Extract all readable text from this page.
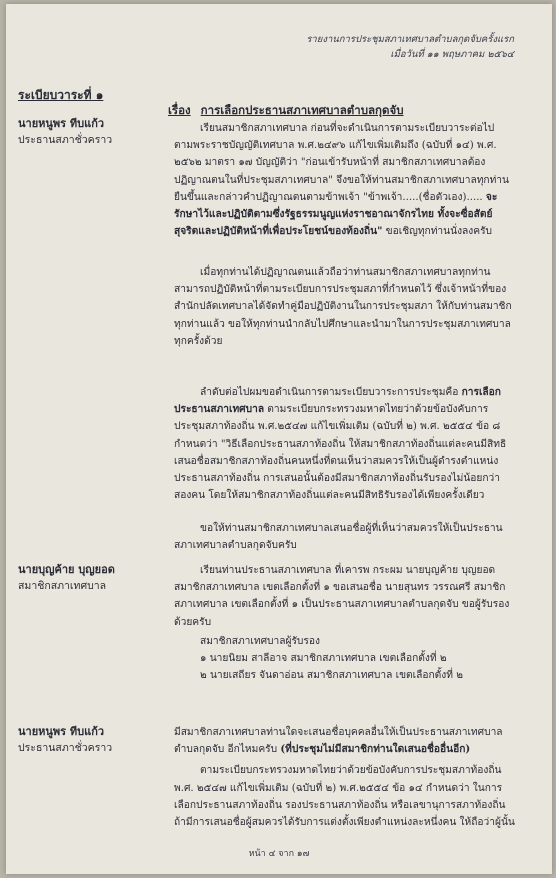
รายงานการประชุมสภาเทศบาลตำบลกุดจับครั้งแรก
เมื่อวันที่ ๑๑ พฤษภาคม ๒๕๖๔
ระเบียบวาระที่ ๑
เรื่อง การเลือกประธานสภาเทศบาลตำบลกุดจับ
นายหนูพร ทีบแก้ว
ประธานสภาชั่วคราว
นายบุญค้าย บุญยอด
สมาชิกสภาเทศบาล
นายหนูพร ทีบแก้ว
ประธานสภาชั่วคราว

เรียนสมาชิกสภาเทศบาล ก่อนที่จะดำเนินการตามระเบียบวาระต่อไป ตามพระราชบัญญัติเทศบาล พ.ศ.๒๔๙๖ แก้ไขเพิ่มเติมถึง (ฉบับที่ ๑๔) พ.ศ. ๒๕๖๒ มาตรา ๑๗ บัญญัติว่า "ก่อนเข้ารับหน้าที่ สมาชิกสภาเทศบาลต้องปฏิญาณตนในที่ประชุมสภาเทศบาล" จึงขอให้ท่านสมาชิกสภาเทศบาลทุกท่านยืนขึ้นและกล่าวคำปฏิญาณตนตามข้าพเจ้า "ข้าพเจ้า.....(ชื่อตัวเอง)..... จะรักษาไว้และปฏิบัติตามซึ่งรัฐธรรมนูญแห่งราชอาณาจักรไทย ทั้งจะซื่อสัตย์สุจริตและปฏิบัติหน้าที่เพื่อประโยชน์ของท้องถิ่น" ขอเชิญทุกท่านนั่งลงครับ

เมื่อทุกท่านได้ปฏิญาณตนแล้วถือว่าท่านสมาชิกสภาเทศบาลทุกท่าน สามารถปฏิบัติหน้าที่ตามระเบียบการประชุมสภาที่กำหนดไว้ ซึ่งเจ้าหน้าที่ของสำนักปลัดเทศบาลได้จัดทำคู่มือปฏิบัติงานในการประชุมสภา ให้กับท่านสมาชิกทุกท่านแล้ว ขอให้ทุกท่านนำกลับไปศึกษาและนำมาในการประชุมสภาเทศบาลทุกครั้งด้วย

ลำดับต่อไปผมขอดำเนินการตามระเบียบวาระการประชุมคือ การเลือกประธานสภาเทศบาล ตามระเบียบกระทรวงมหาดไทยว่าด้วยข้อบังคับการประชุมสภาท้องถิ่น พ.ศ.๒๕๔๗ แก้ไขเพิ่มเติม (ฉบับที่ ๒) พ.ศ. ๒๕๕๔ ข้อ ๘ กำหนดว่า "วิธีเลือกประธานสภาท้องถิ่น ให้สมาชิกสภาท้องถิ่นแต่ละคนมีสิทธิเสนอชื่อสมาชิกสภาท้องถิ่นคนหนึ่งที่ตนเห็นว่าสมควรให้เป็นผู้ดำรงตำแหน่งประธานสภาท้องถิ่น การเสนอนั้นต้องมีสมาชิกสภาท้องถิ่นรับรองไม่น้อยกว่าสองคน โดยให้สมาชิกสภาท้องถิ่นแต่ละคนมีสิทธิรับรองได้เพียงครั้งเดียว

ขอให้ท่านสมาชิกสภาเทศบาลเสนอชื่อผู้ที่เห็นว่าสมควรให้เป็นประธานสภาเทศบาลตำบลกุดจับครับ

เรียนท่านประธานสภาเทศบาล ที่เคารพ กระผม นายบุญค้าย บุญยอด สมาชิกสภาเทศบาล เขตเลือกตั้งที่ ๑ ขอเสนอชื่อ นายสุนทร วรรณศรี สมาชิกสภาเทศบาล เขตเลือกตั้งที่ ๑ เป็นประธานสภาเทศบาลตำบลกุดจับ ขอผู้รับรองด้วยครับ

สมาชิกสภาเทศบาลผู้รับรอง

๑ นายนิยม สาลีอาจ สมาชิกสภาเทศบาล เขตเลือกตั้งที่ ๒
๒ นายเสถียร จันดาอ่อน สมาชิกสภาเทศบาล เขตเลือกตั้งที่ ๒

มีสมาชิกสภาเทศบาลท่านใดจะเสนอชื่อบุคคลอื่นให้เป็นประธานสภาเทศบาลตำบลกุดจับ อีกไหมครับ (ที่ประชุมไม่มีสมาชิกท่านใดเสนอชื่ออื่นอีก)

ตามระเบียบกระทรวงมหาดไทยว่าด้วยข้อบังคับการประชุมสภาท้องถิ่น พ.ศ. ๒๕๔๗ แก้ไขเพิ่มเติม (ฉบับที่ ๒) พ.ศ.๒๕๕๔ ข้อ ๑๔ กำหนดว่า ในการเลือกประธานสภาท้องถิ่น รองประธานสภาท้องถิ่น หรือเลขานุการสภาท้องถิ่น ถ้ามีการเสนอชื่อผู้สมควรได้รับการแต่งตั้งเพียงตำแหน่งละหนึ่งคน ให้ถือว่าผู้นั้น

หน้า ๔ จาก ๑๗
